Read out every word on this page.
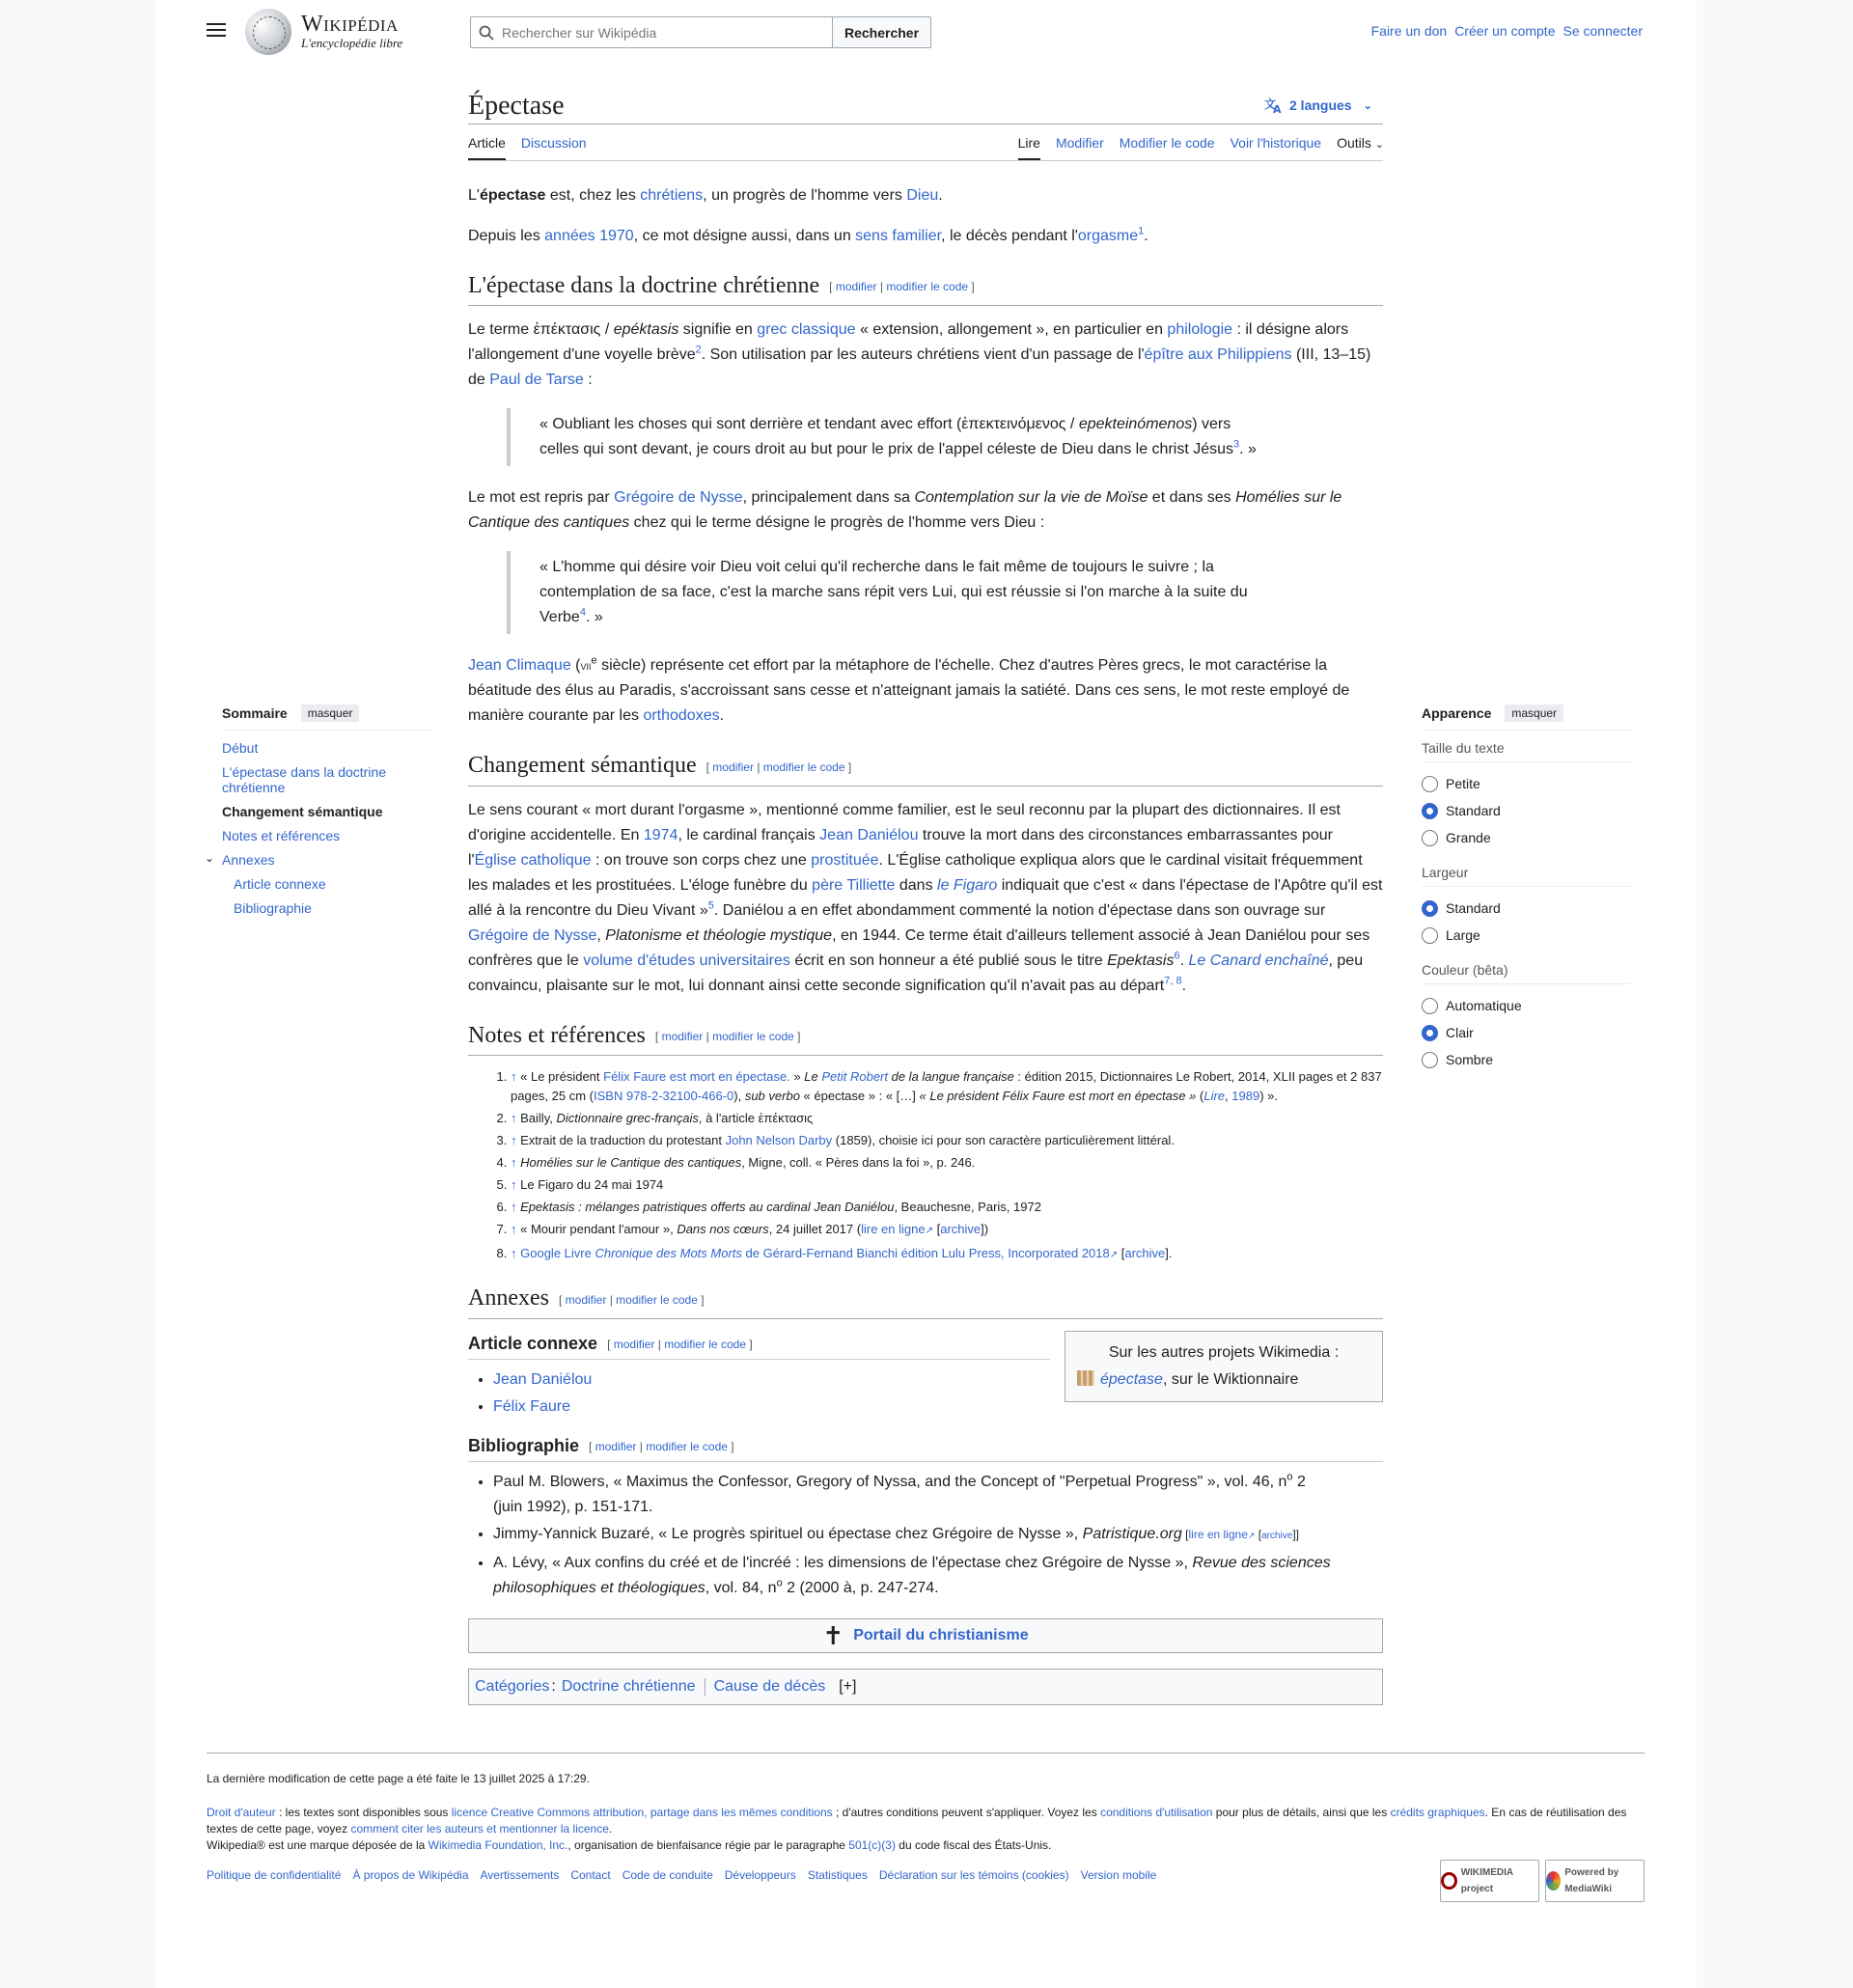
Wikipédia
L'encyclopédie libre
Rechercher sur Wikipédia
Rechercher	Faire un don Créer un compte Se connecter
Épectase	文
A 2 langues ⌄
Article Discussion	Lire Modifier Modifier le code Voir l'historique Outils ⌄

L'épectase est, chez les chrétiens, un progrès de l'homme vers Dieu.

Depuis les années 1970, ce mot désigne aussi, dans un sens familier, le décès pendant l'orgasme$^1$.

L'épectase dans la doctrine chrétienne [ modifier | modifier le code ]

Le terme ἐπέκτασις / epéktasis signifie en grec classique « extension, allongement », en particulier en philologie : il désigne alors l'allongement d'une voyelle brève$^2$. Son utilisation par les auteurs chrétiens vient d'un passage de l'épître aux Philippiens (III, 13–15) de Paul de Tarse :

« Oubliant les choses qui sont derrière et tendant avec effort (ἐπεκτεινόμενος / epekteinómenos) vers celles qui sont devant, je cours droit au but pour le prix de l'appel céleste de Dieu dans le christ Jésus$^3$. »

Le mot est repris par Grégoire de Nysse, principalement dans sa Contemplation sur la vie de Moïse et dans ses Homélies sur le Cantique des cantiques chez qui le terme désigne le progrès de l'homme vers Dieu :

« L'homme qui désire voir Dieu voit celui qu'il recherche dans le fait même de toujours le suivre ; la contemplation de sa face, c'est la marche sans répit vers Lui, qui est réussie si l'on marche à la suite du Verbe$^4$. »

Jean Climaque (vii$^e$ siècle) représente cet effort par la métaphore de l'échelle. Chez d'autres Pères grecs, le mot caractérise la béatitude des élus au Paradis, s'accroissant sans cesse et n'atteignant jamais la satiété. Dans ces sens, le mot reste employé de manière courante par les orthodoxes.

Changement sémantique [ modifier | modifier le code ]

Le sens courant « mort durant l'orgasme », mentionné comme familier, est le seul reconnu par la plupart des dictionnaires. Il est d'origine accidentelle. En 1974, le cardinal français Jean Daniélou trouve la mort dans des circonstances embarrassantes pour l'Église catholique : on trouve son corps chez une prostituée. L'Église catholique expliqua alors que le cardinal visitait fréquemment les malades et les prostituées. L'éloge funèbre du père Tilliette dans le Figaro indiquait que c'est « dans l'épectase de l'Apôtre qu'il est allé à la rencontre du Dieu Vivant »$^5$. Daniélou a en effet abondamment commenté la notion d'épectase dans son ouvrage sur Grégoire de Nysse, Platonisme et théologie mystique, en 1944. Ce terme était d'ailleurs tellement associé à Jean Daniélou pour ses confrères que le volume d'études universitaires écrit en son honneur a été publié sous le titre Epektasis$^6$. Le Canard enchaîné, peu convaincu, plaisante sur le mot, lui donnant ainsi cette seconde signification qu'il n'avait pas au départ$^{7, 8}$.

Notes et références [ modifier | modifier le code ]
1. ↑ « Le président Félix Faure est mort en épectase. » Le Petit Robert de la langue française : édition 2015, Dictionnaires Le Robert, 2014, XLII pages et 2 837 pages, 25 cm (ISBN 978-2-32100-466-0), sub verbo « épectase » : « […] « Le président Félix Faure est mort en épectase » (Lire, 1989) ».
2. ↑ Bailly, Dictionnaire grec-français, à l'article ἐπέκτασις
3. ↑ Extrait de la traduction du protestant John Nelson Darby (1859), choisie ici pour son caractère particulièrement littéral.
4. ↑ Homélies sur le Cantique des cantiques, Migne, coll. « Pères dans la foi », p. 246.
5. ↑ Le Figaro du 24 mai 1974
6. ↑ Epektasis : mélanges patristiques offerts au cardinal Jean Daniélou, Beauchesne, Paris, 1972
7. ↑ « Mourir pendant l'amour », Dans nos cœurs, 24 juillet 2017 (lire en ligne↗ [archive])
8. ↑ Google Livre Chronique des Mots Morts de Gérard-Fernand Bianchi édition Lulu Press, Incorporated 2018↗ [archive].
Annexes [ modifier | modifier le code ]
Sur les autres projets Wikimedia :
épectase, sur le Wiktionnaire
Article connexe [ modifier | modifier le code ]
• Jean Daniélou
• Félix Faure
Bibliographie [ modifier | modifier le code ]
• Paul M. Blowers, « Maximus the Confessor, Gregory of Nyssa, and the Concept of "Perpetual Progress" », vol. 46, $n^o$ 2 (juin 1992), p. 151-171.
• Jimmy-Yannick Buzaré, « Le progrès spirituel ou épectase chez Grégoire de Nysse », Patristique.org [lire en ligne↗ [archive]]
• A. Lévy, « Aux confins du créé et de l'incréé : les dimensions de l'épectase chez Grégoire de Nysse », Revue des sciences philosophiques et théologiques, vol. 84, $n^o$ 2 (2000 à, p. 247-274.
✝ Portail du christianisme
Catégories : Doctrine chrétienne Cause de décès [+]
Sommaire	masquer
Début
L'épectase dans la doctrine chrétienne
Changement sémantique
Notes et références
⌄ Annexes
Article connexe
Bibliographie
Apparence	masquer
Taille du texte
Petite
Standard
Grande
Largeur
Standard
Large
Couleur (bêta)
Automatique
Clair
Sombre

La dernière modification de cette page a été faite le 13 juillet 2025 à 17:29.

Droit d'auteur : les textes sont disponibles sous licence Creative Commons attribution, partage dans les mêmes conditions ; d'autres conditions peuvent s'appliquer. Voyez les conditions d'utilisation pour plus de détails, ainsi que les crédits graphiques. En cas de réutilisation des textes de cette page, voyez comment citer les auteurs et mentionner la licence.

Wikipedia® est une marque déposée de la Wikimedia Foundation, Inc., organisation de bienfaisance régie par le paragraphe 501(c)(3) du code fiscal des États-Unis.

Politique de confidentialité À propos de Wikipédia Avertissements Contact Code de conduite Développeurs Statistiques Déclaration sur les témoins (cookies) Version mobile	WIKIMEDIA project
Powered by MediaWiki
